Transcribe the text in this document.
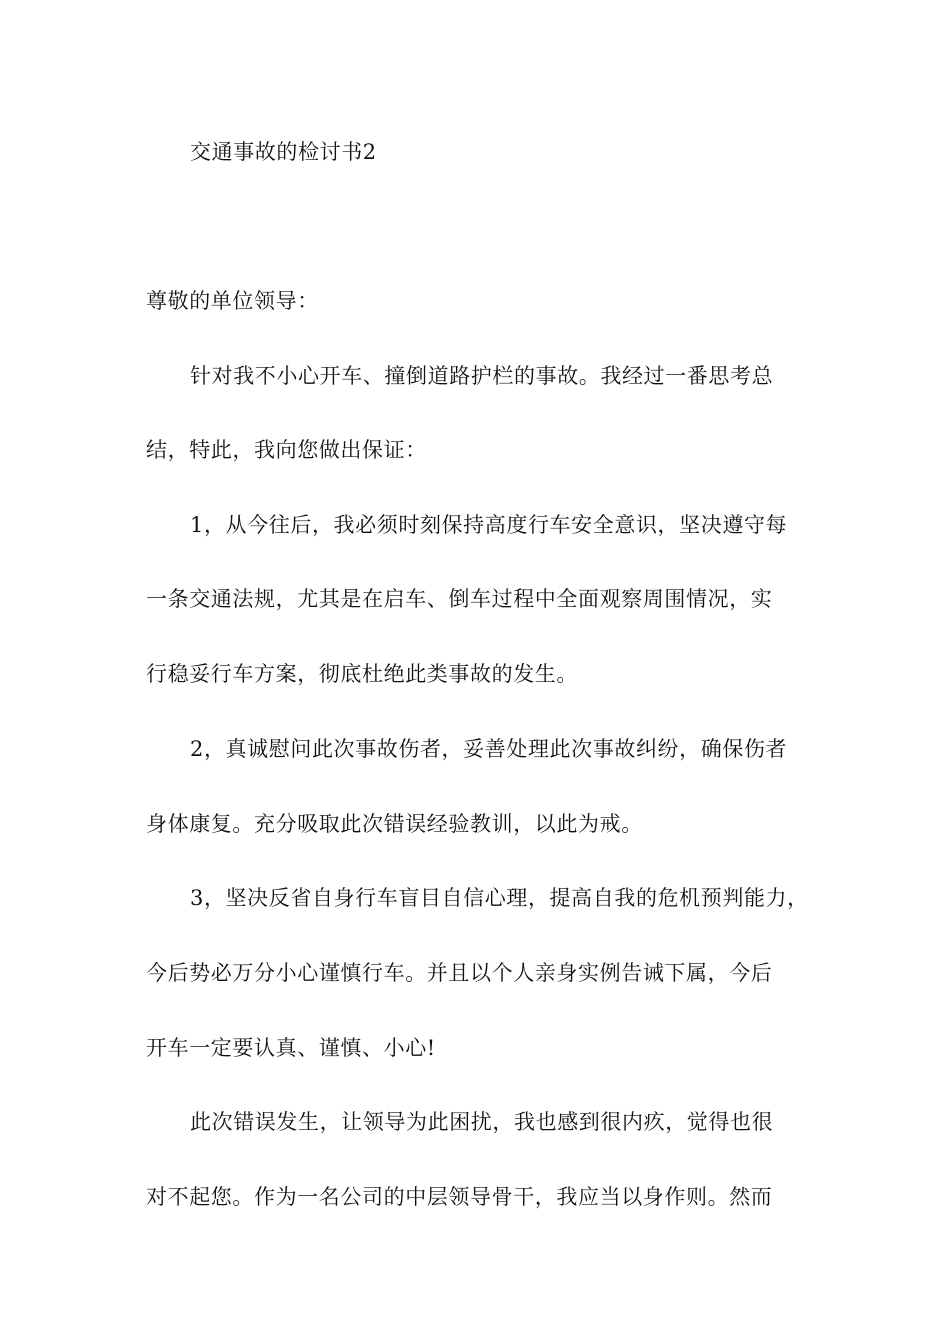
交通事故的检讨书2
尊敬的单位领导：
针对我不小心开车、撞倒道路护栏的事故。我经过一番思考总
结，特此，我向您做出保证：
1，从今往后，我必须时刻保持高度行车安全意识，坚决遵守每
一条交通法规，尤其是在启车、倒车过程中全面观察周围情况，实
行稳妥行车方案，彻底杜绝此类事故的发生。
2，真诚慰问此次事故伤者，妥善处理此次事故纠纷，确保伤者
身体康复。充分吸取此次错误经验教训，以此为戒。
3，坚决反省自身行车盲目自信心理，提高自我的危机预判能力，
今后势必万分小心谨慎行车。并且以个人亲身实例告诫下属，今后
开车一定要认真、谨慎、小心!
此次错误发生，让领导为此困扰，我也感到很内疚，觉得也很
对不起您。作为一名公司的中层领导骨干，我应当以身作则。然而
